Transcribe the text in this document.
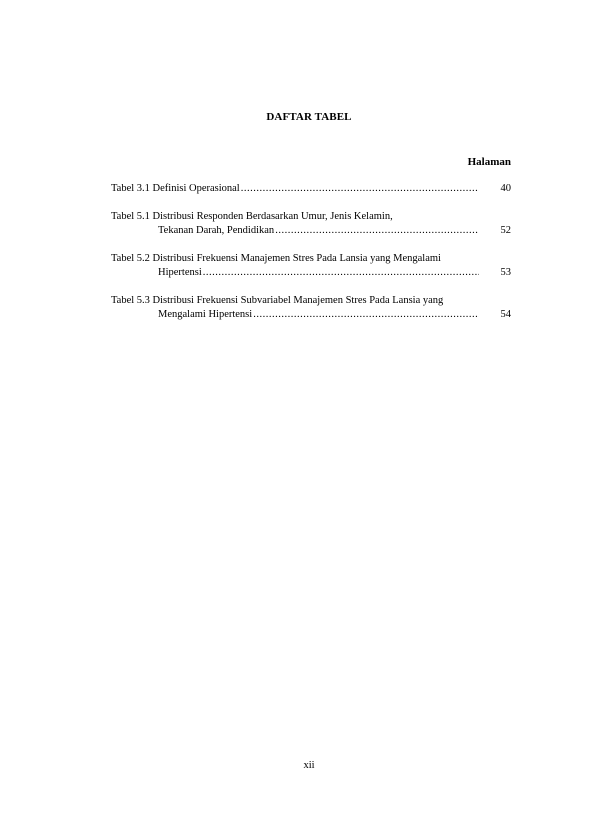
DAFTAR TABEL
Halaman
Tabel 3.1 Definisi Operasional .....	40
Tabel 5.1 Distribusi Responden Berdasarkan Umur, Jenis Kelamin,
Tekanan Darah, Pendidikan .....	52
Tabel 5.2 Distribusi Frekuensi Manajemen Stres Pada Lansia yang Mengalami
Hipertensi .....	53
Tabel 5.3 Distribusi Frekuensi Subvariabel Manajemen Stres Pada Lansia yang
Mengalami Hipertensi .....	54
xii
